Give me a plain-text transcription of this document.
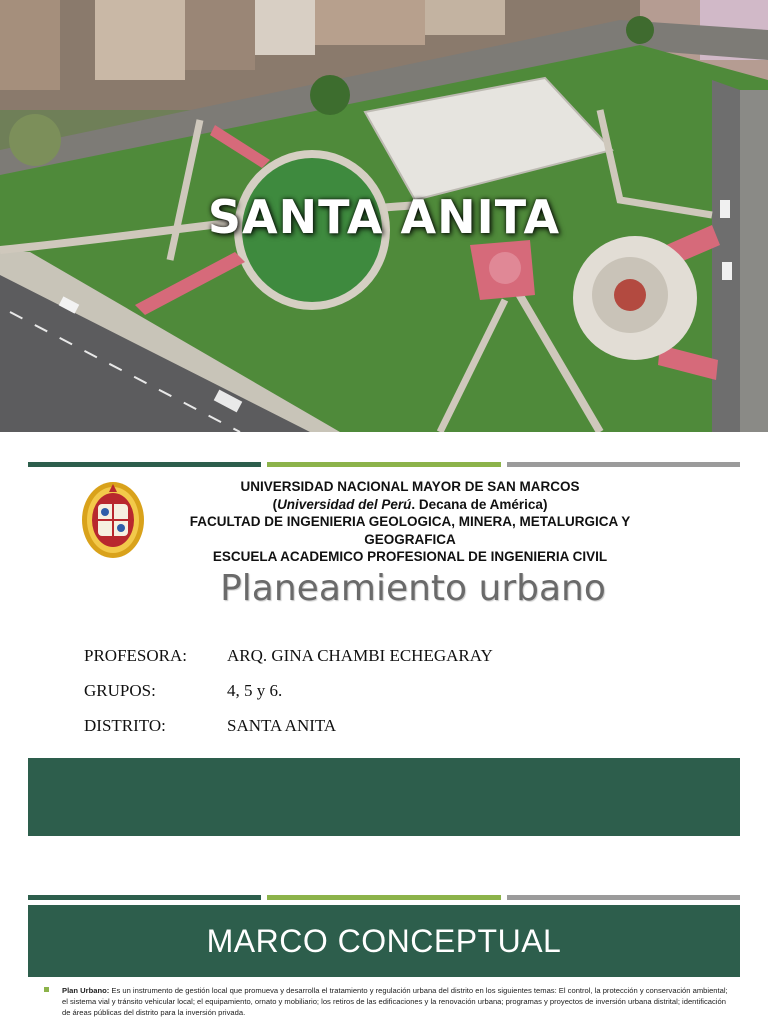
SANTA ANITA
UNIVERSIDAD NACIONAL MAYOR DE SAN MARCOS
(Universidad del Perú. Decana de América)
FACULTAD DE INGENIERIA GEOLOGICA, MINERA, METALURGICA Y
GEOGRAFICA
ESCUELA ACADEMICO PROFESIONAL DE INGENIERIA CIVIL
Planeamiento urbano
PROFESORA: ARQ. GINA CHAMBI ECHEGARAY
GRUPOS:	4, 5 y 6.
DISTRITO:	SANTA ANITA
MARCO CONCEPTUAL
Plan Urbano: Es un instrumento de gestión local que promueva y desarrolla el tratamiento y regulación urbana del distrito en los siguientes temas: El control, la protección y conservación ambiental; el sistema vial y tránsito vehicular local; el equipamiento, ornato y mobiliario; los retiros de las edificaciones y la renovación urbana; programas y proyectos de inversión urbana distrital; identificación de áreas públicas del distrito para la inversión privada.
